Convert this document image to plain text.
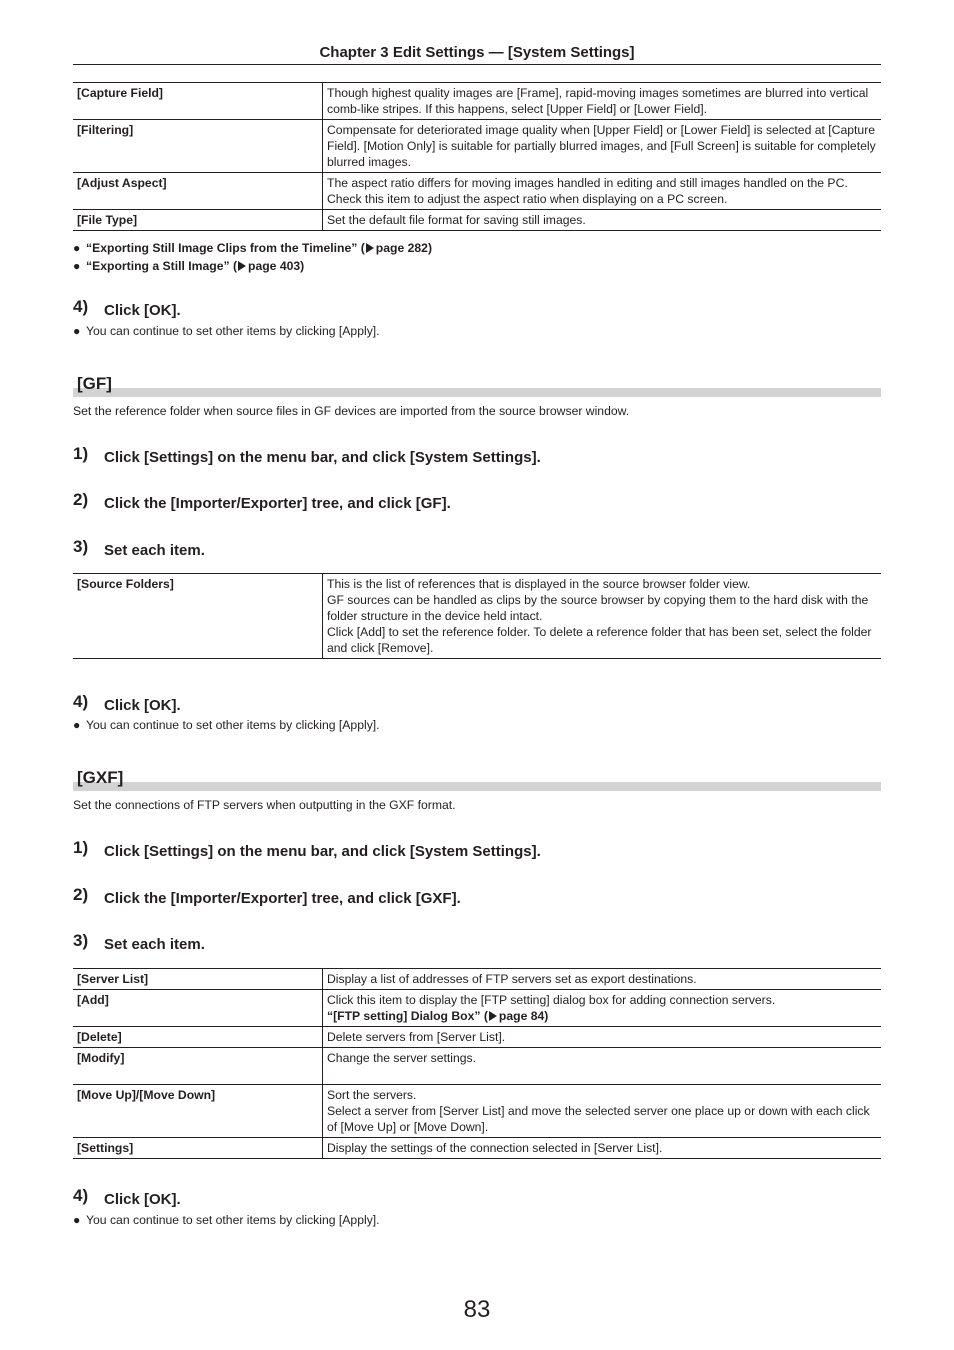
Chapter 3 Edit Settings — [System Settings]
[Capture Field]	Though highest quality images are [Frame], rapid-moving images sometimes are blurred into vertical comb-like stripes. If this happens, select [Upper Field] or [Lower Field].
[Filtering]	Compensate for deteriorated image quality when [Upper Field] or [Lower Field] is selected at [Capture Field]. [Motion Only] is suitable for partially blurred images, and [Full Screen] is suitable for completely blurred images.
[Adjust Aspect]	The aspect ratio differs for moving images handled in editing and still images handled on the PC. Check this item to adjust the aspect ratio when displaying on a PC screen.
[File Type]	Set the default file format for saving still images.
● “Exporting Still Image Clips from the Timeline” ( page 282)
● “Exporting a Still Image” ( page 403)
4) Click [OK].
● You can continue to set other items by clicking [Apply].
[GF]
Set the reference folder when source files in GF devices are imported from the source browser window.
1) Click [Settings] on the menu bar, and click [System Settings].
2) Click the [Importer/Exporter] tree, and click [GF].
3) Set each item.
[Source Folders]	This is the list of references that is displayed in the source browser folder view.
GF sources can be handled as clips by the source browser by copying them to the hard disk with the folder structure in the device held intact.
Click [Add] to set the reference folder. To delete a reference folder that has been set, select the folder and click [Remove].
4) Click [OK].
● You can continue to set other items by clicking [Apply].
[GXF]
Set the connections of FTP servers when outputting in the GXF format.
1) Click [Settings] on the menu bar, and click [System Settings].
2) Click the [Importer/Exporter] tree, and click [GXF].
3) Set each item.
[Server List]	Display a list of addresses of FTP servers set as export destinations.
[Add]	Click this item to display the [FTP setting] dialog box for adding connection servers.
“[FTP setting] Dialog Box” ( page 84)

[Delete]	Delete servers from [Server List].
[Modify]	Change the server settings.
[Move Up]/[Move Down]	Sort the servers.
Select a server from [Server List] and move the selected server one place up or down with each click of [Move Up] or [Move Down].

[Settings]	Display the settings of the connection selected in [Server List].
4) Click [OK].
● You can continue to set other items by clicking [Apply].
83
